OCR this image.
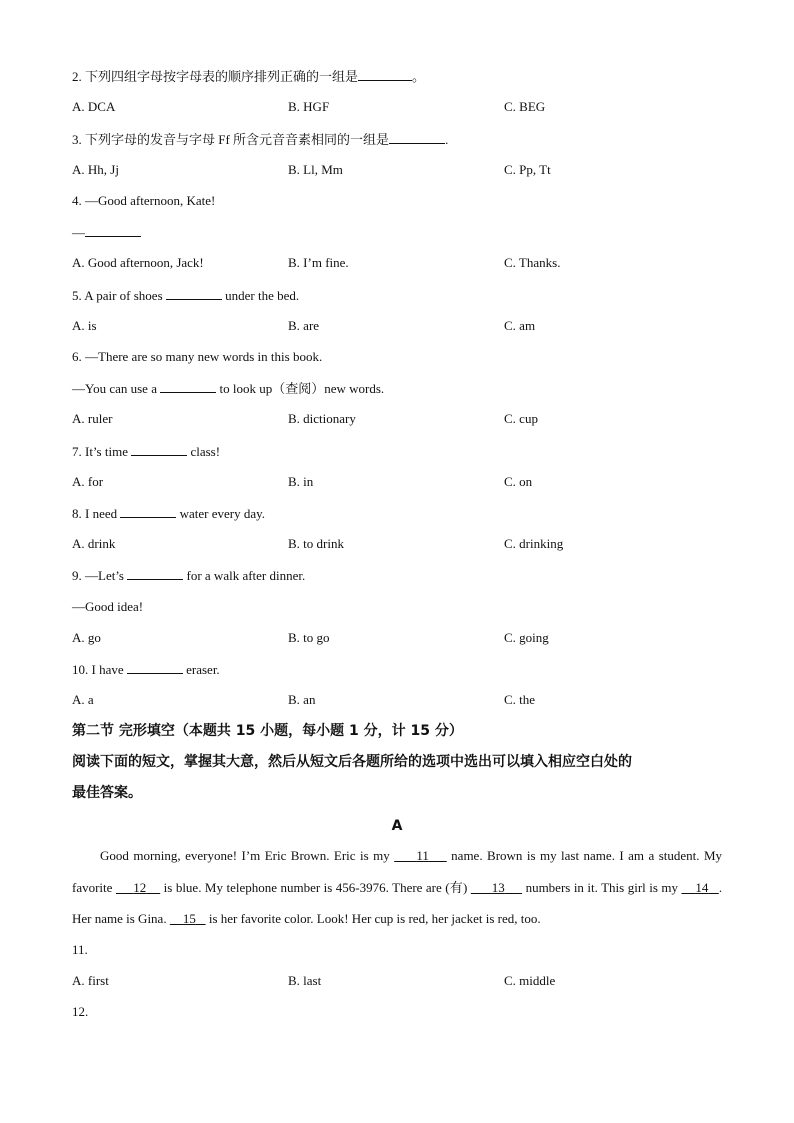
2. 下列四组字母按字母表的顺序排列正确的一组是	。
A. DCA	B. HGF	C. BEG
3. 下列字母的发音与字母 Ff 所含元音音素相同的一组是	.
A. Hh, Jj	B. Ll, Mm	C. Pp, Tt
4. —Good afternoon, Kate!
—
A. Good afternoon, Jack!	B. I’m fine.	C. Thanks.
5. A pair of shoes	under the bed.
A. is	B. are	C. am
6. —There are so many new words in this book.
—You can use a	to look up（查阅）new words.
A. ruler	B. dictionary	C. cup
7. It’s time	class!
A. for	B. in	C. on
8. I need	water every day.
A. drink	B. to drink	C. drinking
9. —Let’s	for a walk after dinner.
—Good idea!
A. go	B. to go	C. going
10. I have	eraser.
A. a	B. an	C. the
第二节 完形填空（本题共 15 小题，每小题 1 分，计 15 分）
阅读下面的短文，掌握其大意，然后从短文后各题所给的选项中选出可以填入相应空白处的
最佳答案。
A
Good morning, everyone! I’m Eric Brown. Eric is my      11     name. Brown is my last name. I am a student. My favorite      12     is blue. My telephone number is 456-3976. There are (有)       13      numbers in it. This girl is my     14 . Her name is Gina.     15    is her favorite color. Look! Her cup is red, her jacket is red, too.
11.
A. first	B. last	C. middle
12.
